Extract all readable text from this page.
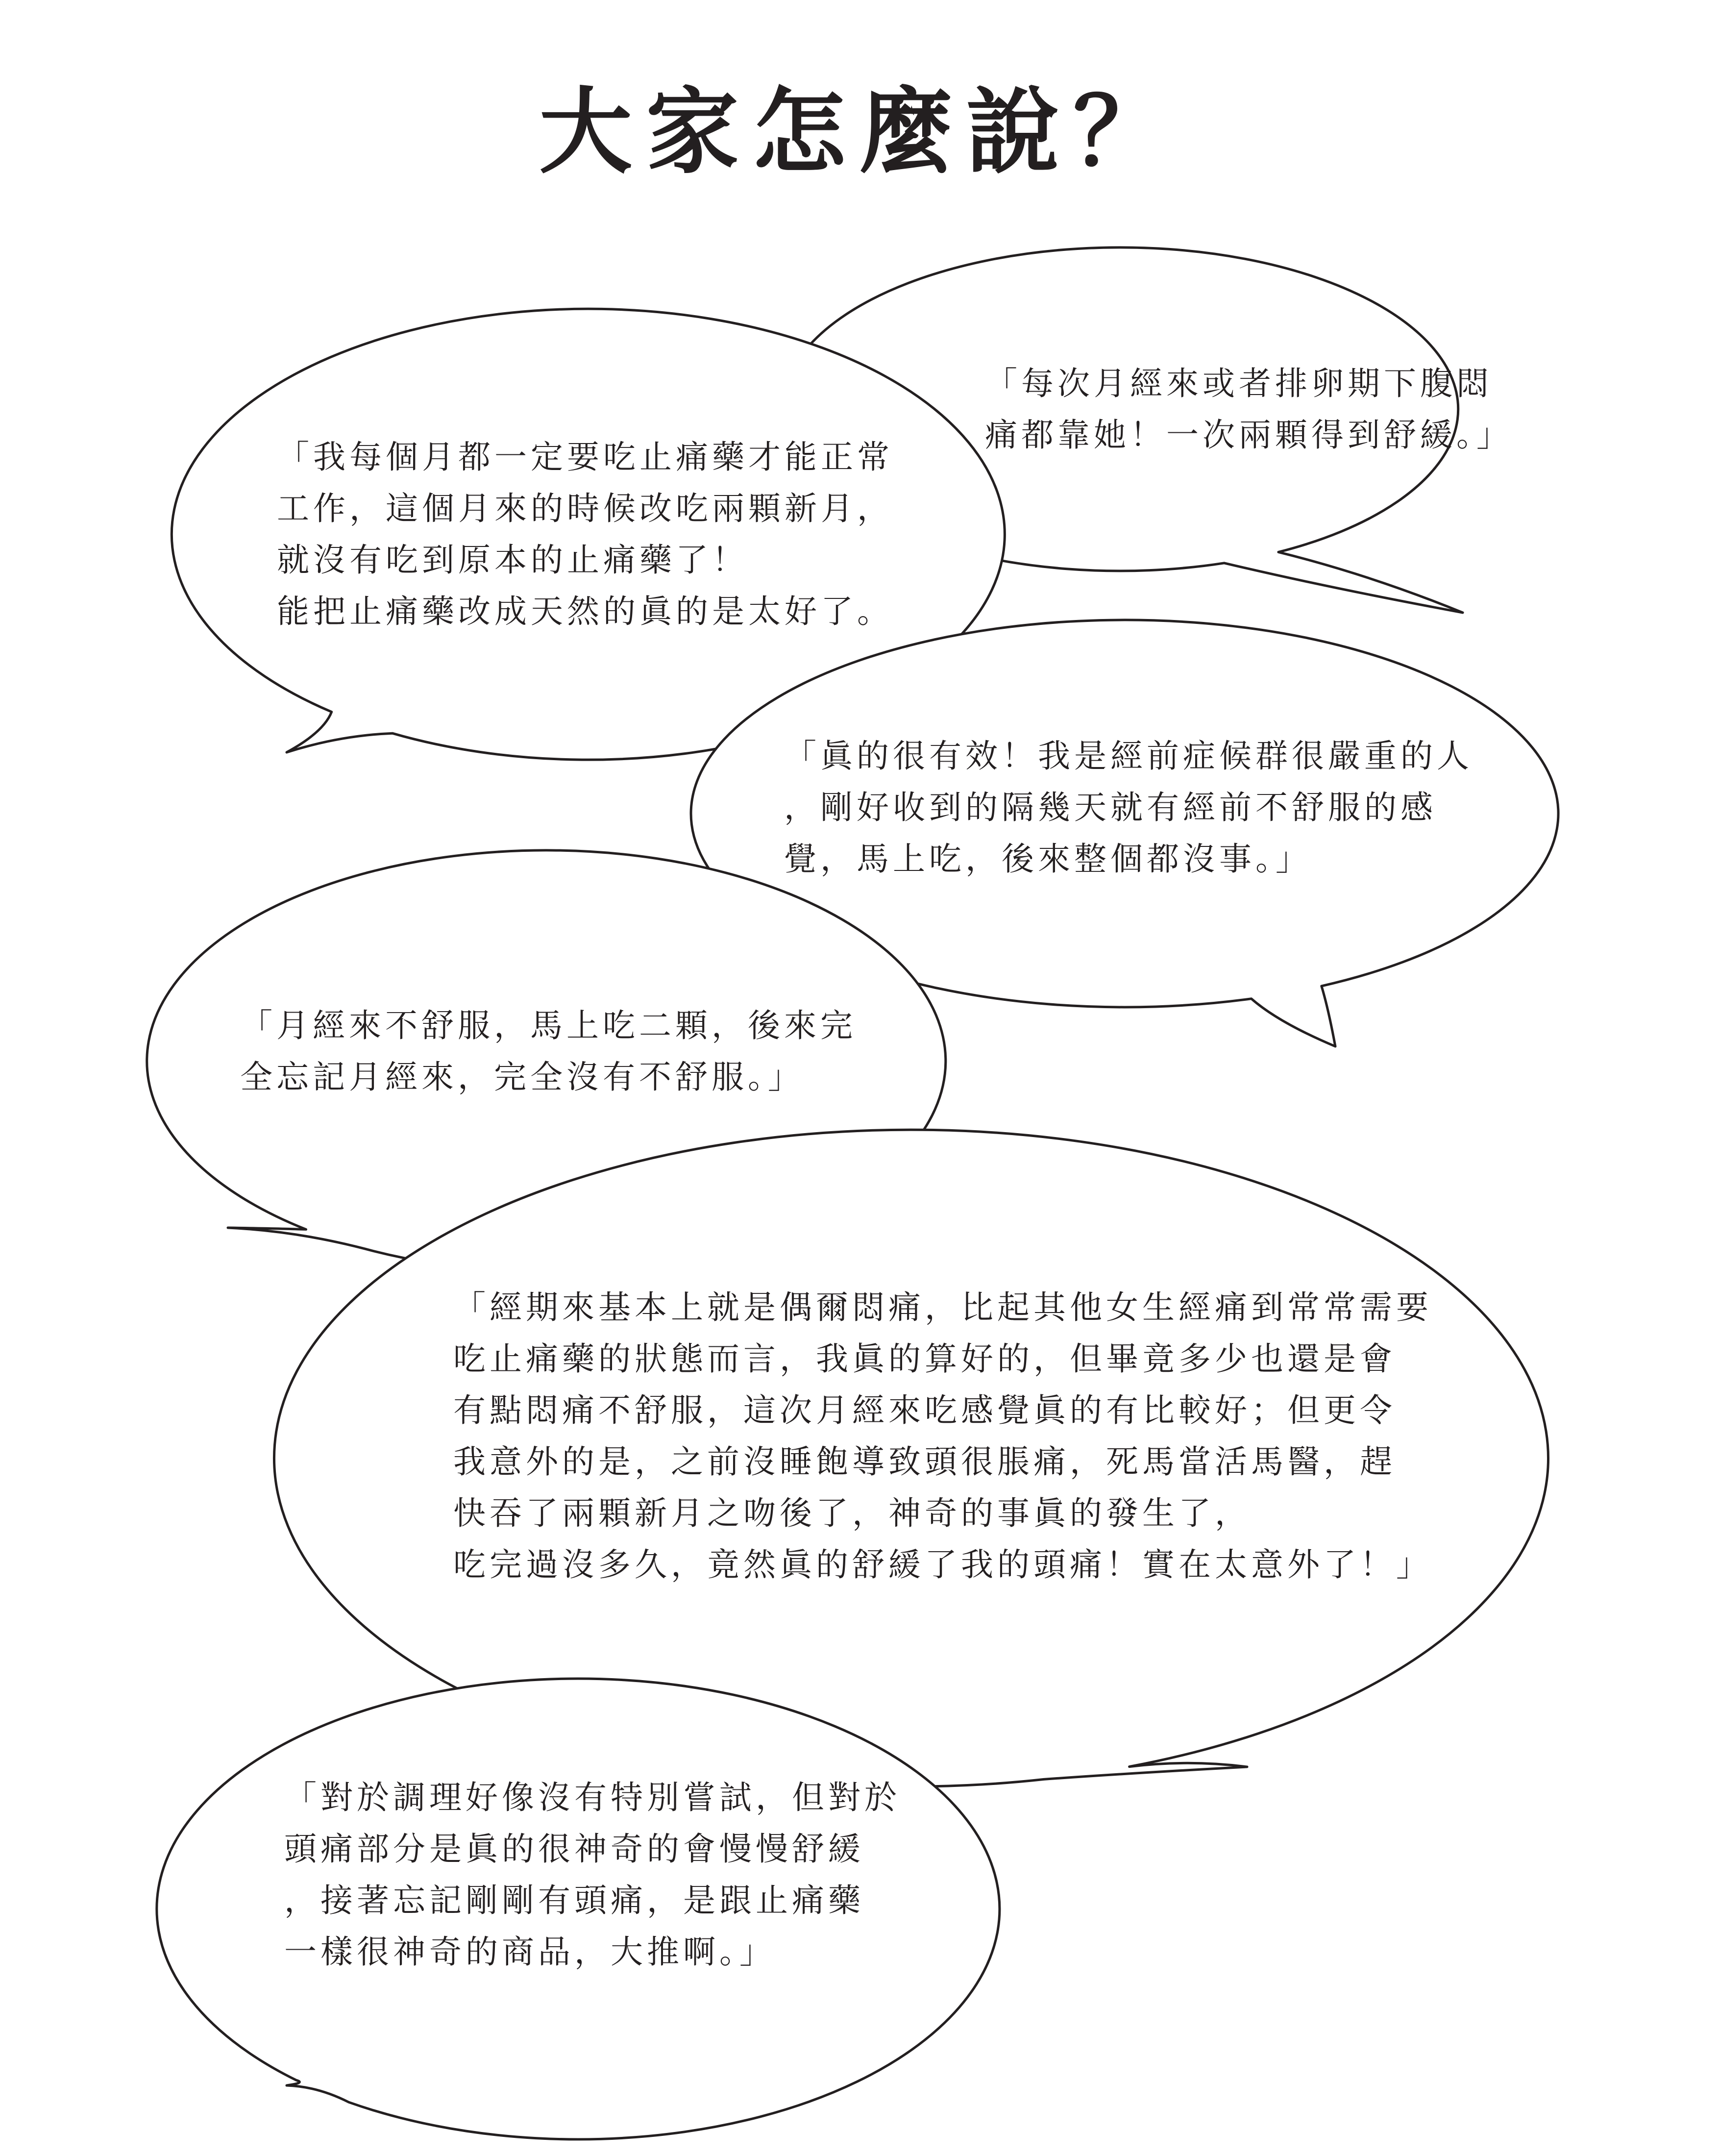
大家怎麼說？
「我每個月都一定要吃止痛藥才能正常
工作，這個月來的時候改吃兩顆新月，
就沒有吃到原本的止痛藥了！
能把止痛藥改成天然的眞的是太好了。
「每次月經來或者排卵期下腹悶
痛都靠她！一次兩顆得到舒緩。」
「眞的很有效！我是經前症候群很嚴重的人
，剛好收到的隔幾天就有經前不舒服的感
覺，馬上吃，後來整個都沒事。」
「月經來不舒服，馬上吃二顆，後來完
全忘記月經來，完全沒有不舒服。」
「經期來基本上就是偶爾悶痛，比起其他女生經痛到常常需要
吃止痛藥的狀態而言，我眞的算好的，但畢竟多少也還是會
有點悶痛不舒服，這次月經來吃感覺眞的有比較好；但更令
我意外的是，之前沒睡飽導致頭很脹痛，死馬當活馬醫，趕
快吞了兩顆新月之吻後了，神奇的事眞的發生了，
吃完過沒多久，竟然眞的舒緩了我的頭痛！實在太意外了！」
「對於調理好像沒有特別嘗試，但對於
頭痛部分是眞的很神奇的會慢慢舒緩
，接著忘記剛剛有頭痛，是跟止痛藥
一樣很神奇的商品，大推啊。」
